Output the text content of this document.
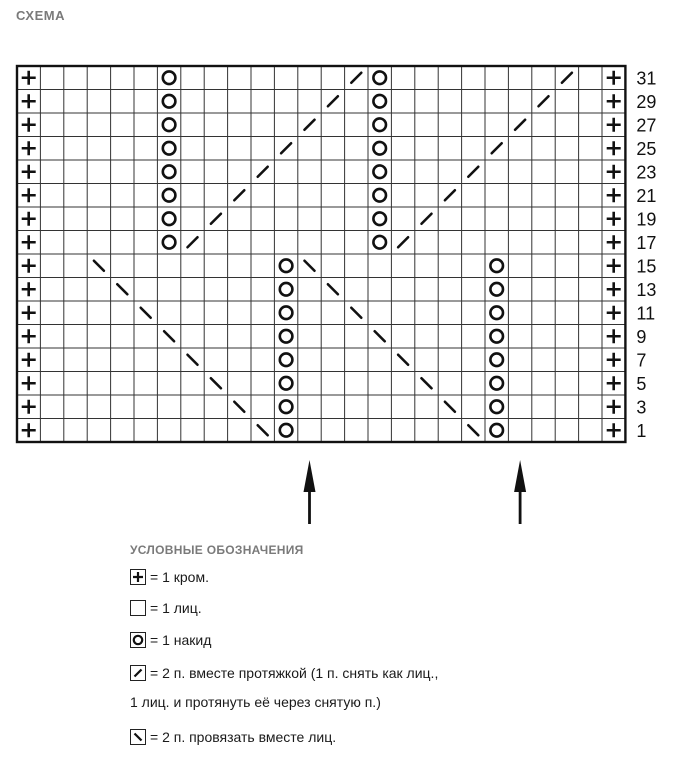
СХЕМА
31
29
27
25
23
21
19
17
15
13
11
9
7
5
3
1
УСЛОВНЫЕ ОБОЗНАЧЕНИЯ
= 1 кром.
= 1 лиц.
= 1 накид
= 2 п. вместе протяжкой (1 п. снять как лиц.,
1 лиц. и протянуть её через снятую п.)
= 2 п. провязать вместе лиц.
